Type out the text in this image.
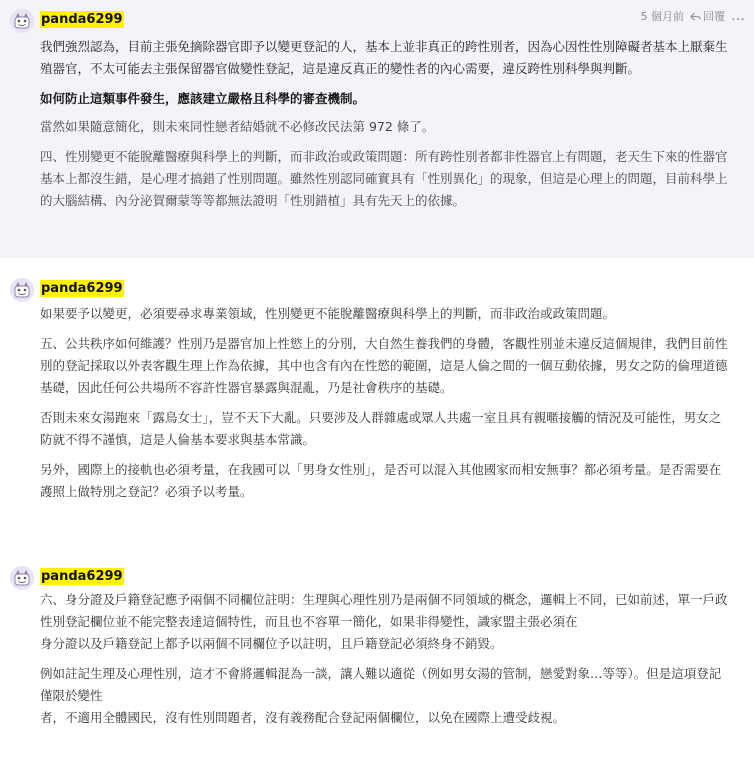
panda6299	5 個月前 回覆 …

我們強烈認為，目前主張免摘除器官即予以變更登記的人，基本上並非真正的跨性別者，因為心因性性別障礙者基本上厭棄生殖器官，不太可能去主張保留器官做變性登記，這是違反真正的變性者的內心需要，違反跨性別科學與判斷。

如何防止這類事件發生，應該建立嚴格且科學的審查機制。

當然如果隨意簡化，則未來同性戀者結婚就不必修改民法第 972 條了。

四、性別變更不能脫離醫療與科學上的判斷，而非政治或政策問題：所有跨性別者都非性器官上有問題，老天生下來的性器官基本上都沒生錯，是心理才搞錯了性別問題。雖然性別認同確實具有「性別異化」的現象，但這是心理上的問題，目前科學上的大腦結構、內分泌賀爾蒙等等都無法證明「性別錯植」具有先天上的依據。

panda6299

如果要予以變更，必須要尋求專業領域，性別變更不能脫離醫療與科學上的判斷，而非政治或政策問題。

五、公共秩序如何維護？性別乃是器官加上性慾上的分別，大自然生養我們的身體，客觀性別並未違反這個規律，我們目前性別的登記採取以外表客觀生理上作為依據，其中也含有內在性慾的範圍，這是人倫之間的一個互動依據，男女之防的倫理道德基礎，因此任何公共場所不容許性器官暴露與混亂，乃是社會秩序的基礎。

否則未來女湯跑來「露鳥女士」，豈不天下大亂。只要涉及人群雜處或眾人共處一室且具有親暱接觸的情況及可能性，男女之防就不得不謹慎，這是人倫基本要求與基本常識。

另外，國際上的接軌也必須考量，在我國可以「男身女性別」，是否可以混入其他國家而相安無事？都必須考量。是否需要在護照上做特別之登記？必須予以考量。

panda6299

六、身分證及戶籍登記應予兩個不同欄位註明：生理與心理性別乃是兩個不同領域的概念，邏輯上不同，已如前述，單一戶政性別登記欄位並不能完整表達這個特性，而且也不容單一簡化，如果非得變性，識家盟主張必須在
身分證以及戶籍登記上都予以兩個不同欄位予以註明，且戶籍登記必須終身不銷毀。

例如註記生理及心理性別，這才不會將邏輯混為一談，讓人難以適從（例如男女湯的管制，戀愛對象…等等）。但是這項登記僅限於變性
者，不適用全體國民，沒有性別問題者，沒有義務配合登記兩個欄位，以免在國際上遭受歧視。
